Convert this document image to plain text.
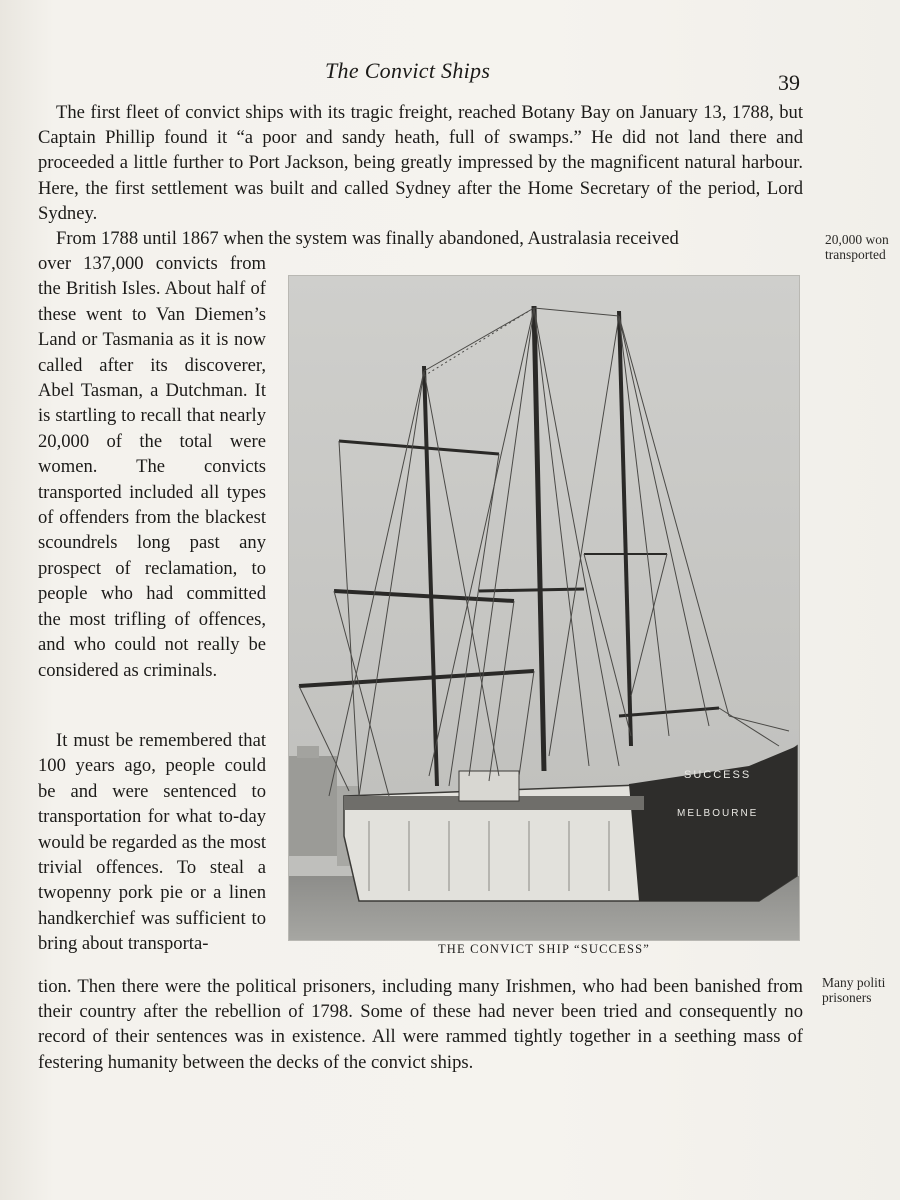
The Convict Ships	39
The first fleet of convict ships with its tragic freight, reached Botany Bay on January 13, 1788, but Captain Phillip found it “a poor and sandy heath, full of swamps.” He did not land there and proceeded a little further to Port Jackson, being greatly impressed by the magnificent natural harbour. Here, the first settlement was built and called Sydney after the Home Secretary of the period, Lord Sydney.
From 1788 until 1867 when the system was finally abandoned, Australasia received
over 137,000 convicts from the British Isles. About half of these went to Van Diemen’s Land or Tasmania as it is now called after its discoverer, Abel Tasman, a Dutchman. It is startling to recall that nearly 20,000 of the total were women. The convicts transported included all types of offenders from the blackest scoundrels long past any prospect of reclamation, to people who had committed the most trifling of offences, and who could not really be considered as criminals.
It must be remembered that 100 years ago, people could be and were sentenced to transportation for what to-day would be regarded as the most trivial offences. To steal a twopenny pork pie or a linen handkerchief was sufficient to bring about transporta-
SUCCESS
MELBOURNE
THE CONVICT SHIP “SUCCESS”
tion. Then there were the political prisoners, including many Irishmen, who had been banished from their country after the rebellion of 1798. Some of these had never been tried and consequently no record of their sentences was in existence. All were rammed tightly together in a seething mass of festering humanity between the decks of the convict ships.
20,000 won
transported
Many politi
prisoners
